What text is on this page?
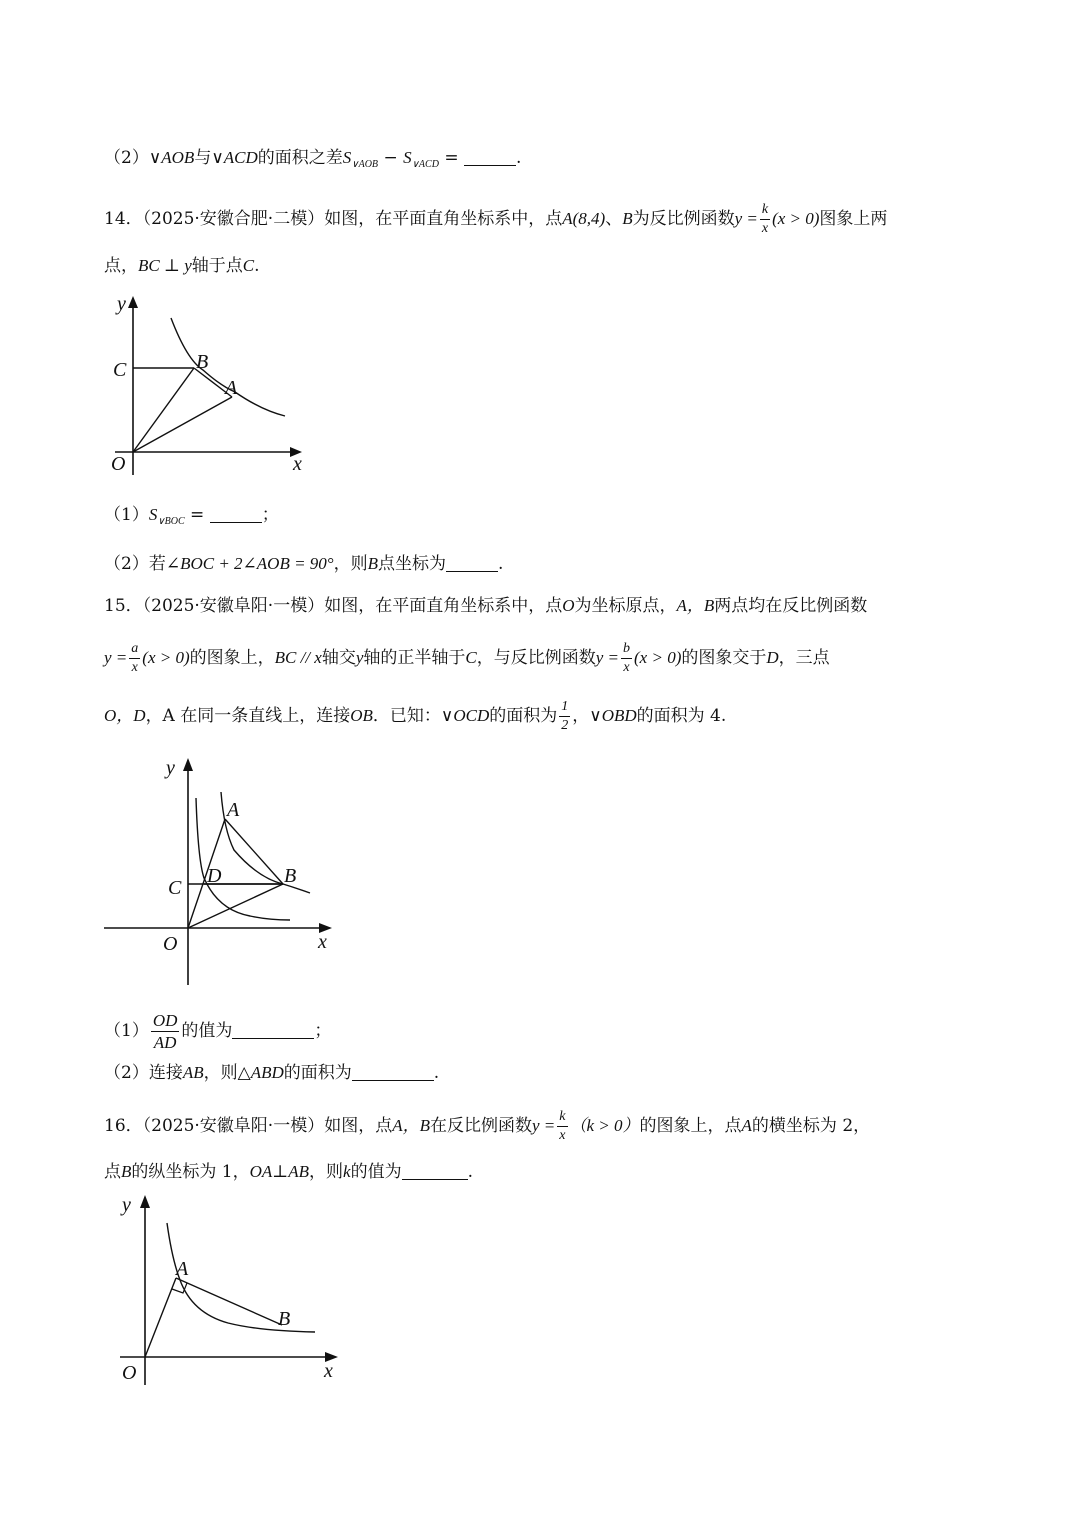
（2）∨AOB与∨ACD的面积之差$S_{\vee AOB} - S_{\vee ACD}$ =	.
14．（2025·安徽合肥·二模）如图，在平面直角坐标系中，点A(8,4)、B为反比例函数$y = \frac{k}{x} (x > 0)$图象上两
点，BC ⊥ y轴于点C.
y
x
O
C	B
A
$(1)S_{\vee BOC}$ =	；
（2）若∠BOC + 2∠AOB = 90°，则B点坐标为	.
15．（2025·安徽阜阳·一模）如图，在平面直角坐标系中，点O为坐标原点，A，B两点均在反比例函数
$y = \frac{a}{x} (x > 0)$的图象上，BC // x轴交y轴的正半轴于C，与反比例函数$y = \frac{b}{x} (x > 0)$的图象交于D，三点
O，D，A 在同一条直线上，连接OB．已知：∨OCD的面积为 $\frac{1}{2}$ ，∨OBD的面积为 4.
y
x
O
C
D
A
B
$(1) \frac{OD}{AD}$ 的值为	；
（2）连接AB，则△ABD的面积为	.
16．（2025·安徽阜阳·一模）如图，点A，B在反比例函数$y = \frac{k}{x} (k > 0)$的图象上，点A的横坐标为 2，
点B的纵坐标为 1，OA⊥AB，则k的值为	.
y
x
O
A
B
